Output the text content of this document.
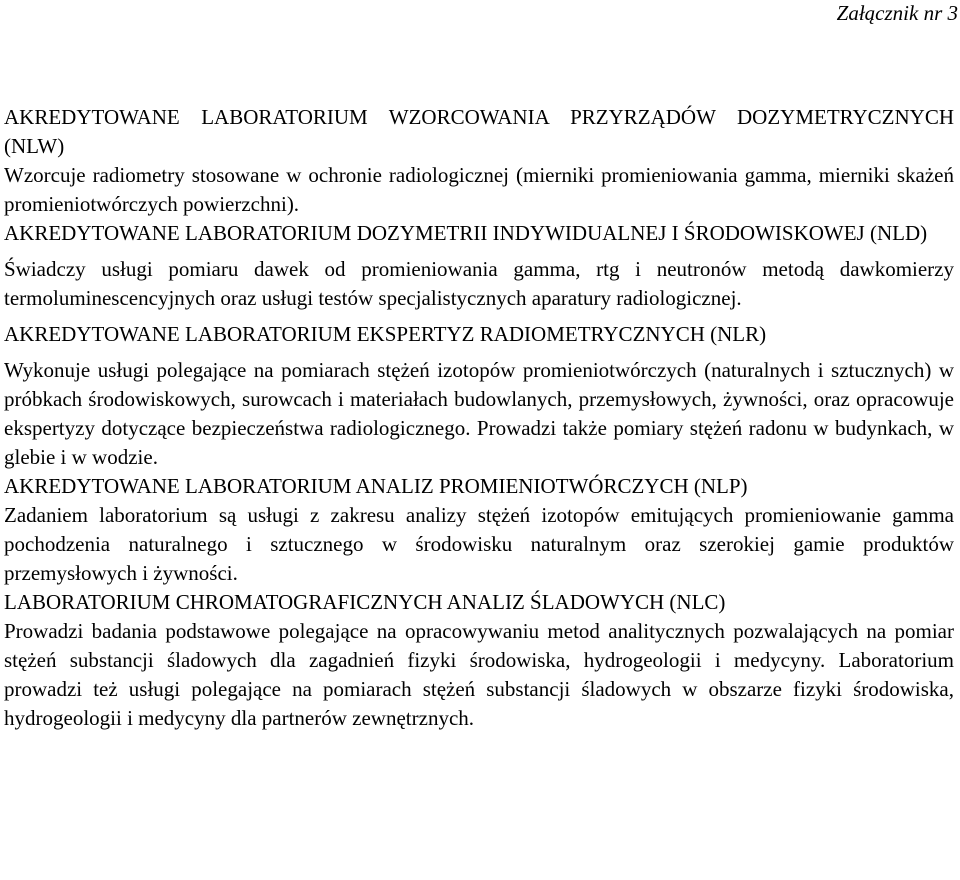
Załącznik nr 3

AKREDYTOWANE LABORATORIUM WZORCOWANIA PRZYRZĄDÓW DOZYMETRYCZNYCH (NLW)

Wzorcuje radiometry stosowane w ochronie radiologicznej (mierniki promieniowania gamma, mierniki skażeń promieniotwórczych powierzchni).

AKREDYTOWANE LABORATORIUM DOZYMETRII INDYWIDUALNEJ I ŚRODOWISKOWEJ (NLD)

Świadczy usługi pomiaru dawek od promieniowania gamma, rtg i neutronów metodą dawkomierzy termoluminescencyjnych oraz usługi testów specjalistycznych aparatury radiologicznej.

AKREDYTOWANE LABORATORIUM EKSPERTYZ RADIOMETRYCZNYCH (NLR)

Wykonuje usługi polegające na pomiarach stężeń izotopów promieniotwórczych (naturalnych i sztucznych) w próbkach środowiskowych, surowcach i materiałach budowlanych, przemysłowych, żywności, oraz opracowuje ekspertyzy dotyczące bezpieczeństwa radiologicznego. Prowadzi także pomiary stężeń radonu w budynkach, w glebie i w wodzie.

AKREDYTOWANE LABORATORIUM ANALIZ PROMIENIOTWÓRCZYCH (NLP)

Zadaniem laboratorium są usługi z zakresu analizy stężeń izotopów emitujących promieniowanie gamma pochodzenia naturalnego i sztucznego w środowisku naturalnym oraz szerokiej gamie produktów przemysłowych i żywności.

LABORATORIUM CHROMATOGRAFICZNYCH ANALIZ ŚLADOWYCH (NLC)

Prowadzi badania podstawowe polegające na opracowywaniu metod analitycznych pozwalających na pomiar stężeń substancji śladowych dla zagadnień fizyki środowiska, hydrogeologii i medycyny. Laboratorium prowadzi też usługi polegające na pomiarach stężeń substancji śladowych w obszarze fizyki środowiska, hydrogeologii i medycyny dla partnerów zewnętrznych.
